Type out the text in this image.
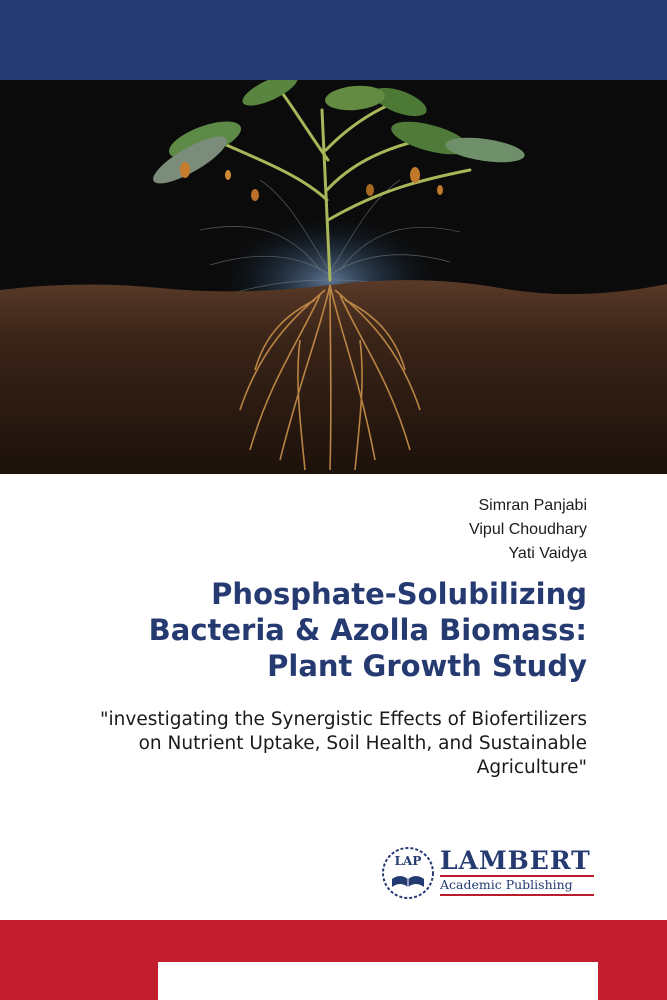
Simran Panjabi
Vipul Choudhary
Yati Vaidya
Phosphate-Solubilizing
Bacteria & Azolla Biomass:
Plant Growth Study

"investigating the Synergistic Effects of Biofertilizers
on Nutrient Uptake, Soil Health, and Sustainable
Agriculture"

LAP LAMBERT
Academic Publishing
